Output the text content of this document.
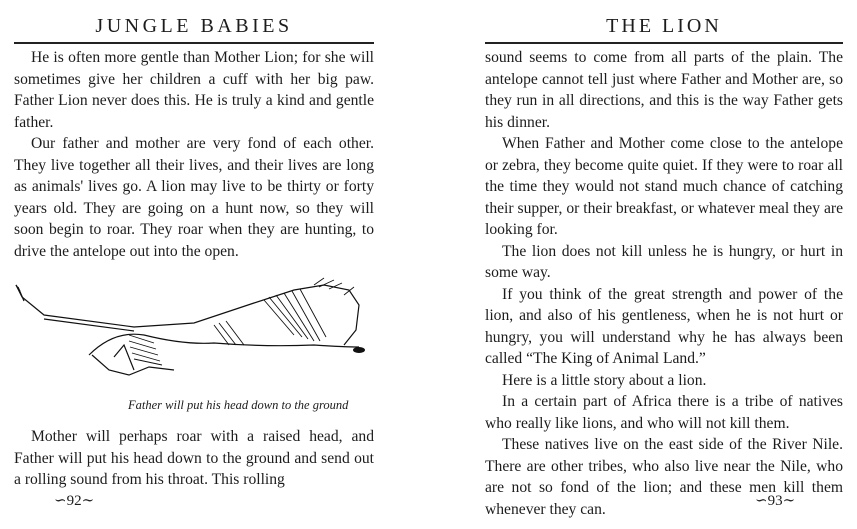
JUNGLE BABIES

He is often more gentle than Mother Lion; for she will sometimes give her children a cuff with her big paw. Father Lion never does this. He is truly a kind and gentle father.

Our father and mother are very fond of each other. They live together all their lives, and their lives are long as animals' lives go. A lion may live to be thirty or forty years old. They are going on a hunt now, so they will soon begin to roar. They roar when they are hunting, to drive the antelope out into the open.

Father will put his head down to the ground

Mother will perhaps roar with a raised head, and Father will put his head down to the ground and send out a rolling sound from his throat. This rolling

∽92∼
THE LION

sound seems to come from all parts of the plain. The antelope cannot tell just where Father and Mother are, so they run in all directions, and this is the way Father gets his dinner.

When Father and Mother come close to the antelope or zebra, they become quite quiet. If they were to roar all the time they would not stand much chance of catching their supper, or their breakfast, or whatever meal they are looking for.

The lion does not kill unless he is hungry, or hurt in some way.

If you think of the great strength and power of the lion, and also of his gentleness, when he is not hurt or hungry, you will understand why he has always been called “The King of Animal Land.”

Here is a little story about a lion.

In a certain part of Africa there is a tribe of natives who really like lions, and who will not kill them.

These natives live on the east side of the River Nile. There are other tribes, who also live near the Nile, who are not so fond of the lion; and these men kill them whenever they can.	∽93∼
